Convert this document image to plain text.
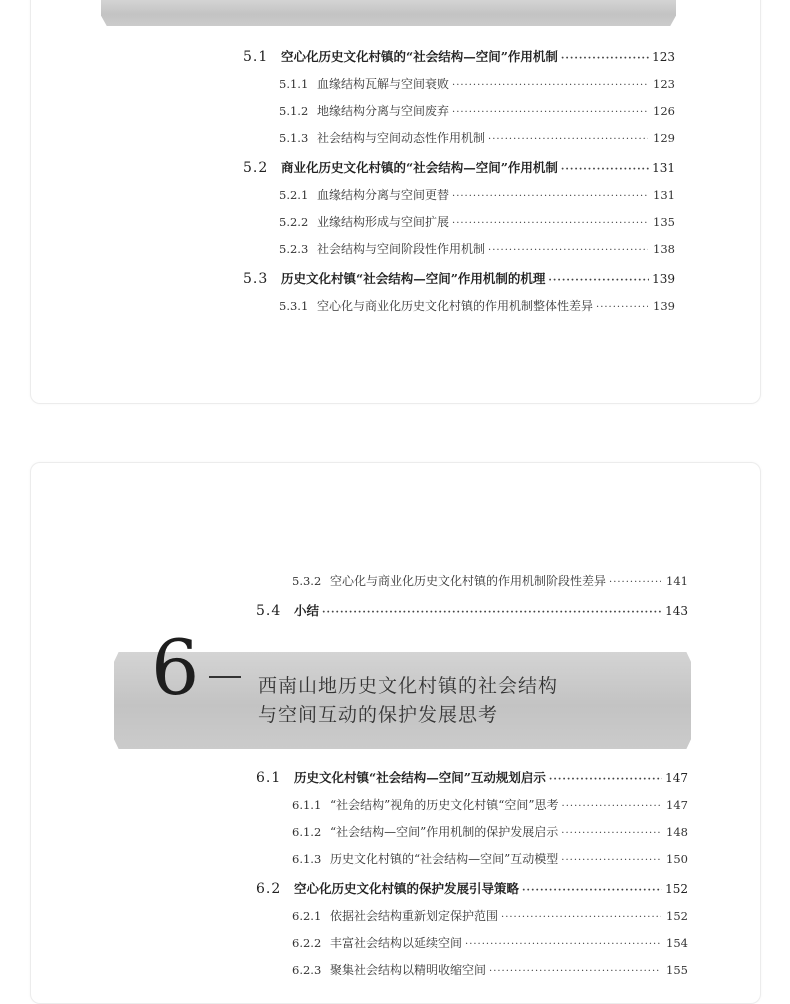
5.1	空心化历史文化村镇的“社会结构—空间”作用机制 ·····	123
5.1.1 血缘结构瓦解与空间衰败 ·····	123
5.1.2 地缘结构分离与空间废弃 ·····	126
5.1.3 社会结构与空间动态性作用机制 ·····	129
5.2	商业化历史文化村镇的“社会结构—空间”作用机制 ·····	131
5.2.1 血缘结构分离与空间更替 ·····	131
5.2.2 业缘结构形成与空间扩展 ·····	135
5.2.3 社会结构与空间阶段性作用机制 ·····	138
5.3	历史文化村镇“社会结构—空间”作用机制的机理 ·····	139
5.3.1 空心化与商业化历史文化村镇的作用机制整体性差异 ·····	139
5.3.2 空心化与商业化历史文化村镇的作用机制阶段性差异 ·····	141
5.4	小结 ·····	143
6	西南山地历史文化村镇的社会结构
与空间互动的保护发展思考
6.1	历史文化村镇“社会结构—空间”互动规划启示 ·····	147
6.1.1 “社会结构”视角的历史文化村镇“空间”思考 ·····	147
6.1.2 “社会结构—空间”作用机制的保护发展启示 ·····	148
6.1.3 历史文化村镇的“社会结构—空间”互动模型 ·····	150
6.2	空心化历史文化村镇的保护发展引导策略 ·····	152
6.2.1 依据社会结构重新划定保护范围 ·····	152
6.2.2 丰富社会结构以延续空间 ·····	154
6.2.3 聚集社会结构以精明收缩空间 ·····	155
